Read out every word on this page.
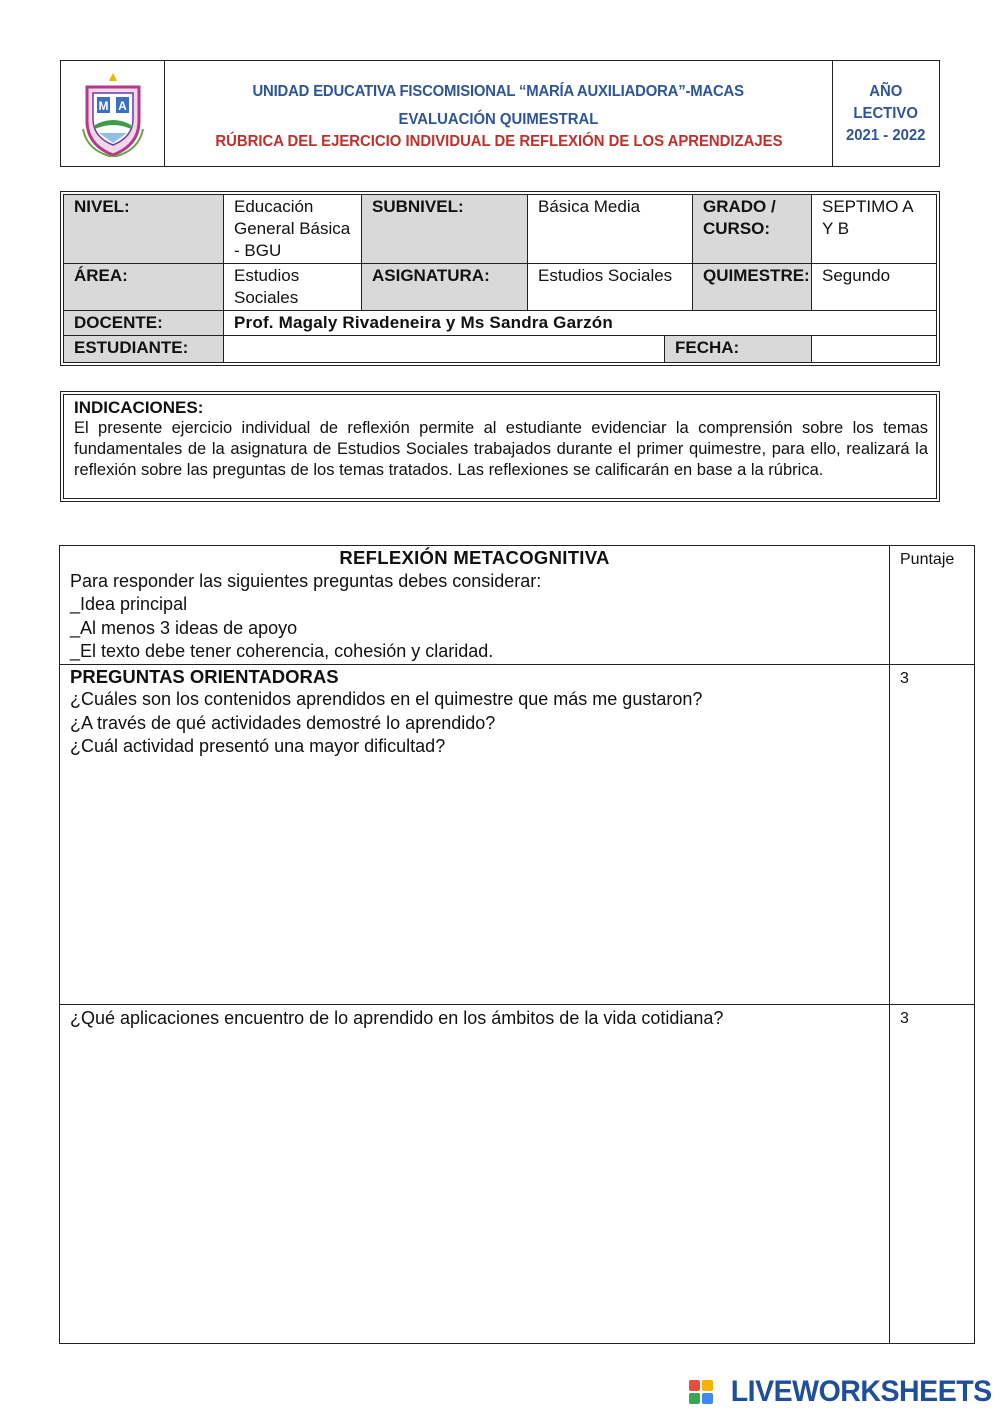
M A
UNIDAD EDUCATIVA FISCOMISIONAL “MARÍA AUXILIADORA”-MACAS
EVALUACIÓN QUIMESTRAL
RÚBRICA DEL EJERCICIO INDIVIDUAL DE REFLEXIÓN DE LOS APRENDIZAJES
AÑO
LECTIVO
2021 - 2022
NIVEL:	Educación General Básica - BGU	SUBNIVEL:	Básica Media		GRADO / CURSO:	SEPTIMO A Y B
ÁREA:	Estudios Sociales	ASIGNATURA:	Estudios Sociales		QUIMESTRE:	Segundo
DOCENTE:	Prof. Magaly Rivadeneira y Ms Sandra Garzón					
ESTUDIANTE:				FECHA:		
INDICACIONES:
El presente ejercicio individual de reflexión permite al estudiante evidenciar la comprensión sobre los temas fundamentales de la asignatura de Estudios Sociales trabajados durante el primer quimestre, para ello, realizará la reflexión sobre las preguntas de los temas tratados. Las reflexiones se calificarán en base a la rúbrica.
REFLEXIÓN METACOGNITIVA
Para responder las siguientes preguntas debes considerar:
_Idea principal
_Al menos 3 ideas de apoyo
_El texto debe tener coherencia, cohesión y claridad.	Puntaje

PREGUNTAS ORIENTADORAS
¿Cuáles son los contenidos aprendidos en el quimestre que más me gustaron?
¿A través de qué actividades demostré lo aprendido?
¿Cuál actividad presentó una mayor dificultad?	3

¿Qué aplicaciones encuentro de lo aprendido en los ámbitos de la vida cotidiana?	3
LIVEWORKSHEETS
